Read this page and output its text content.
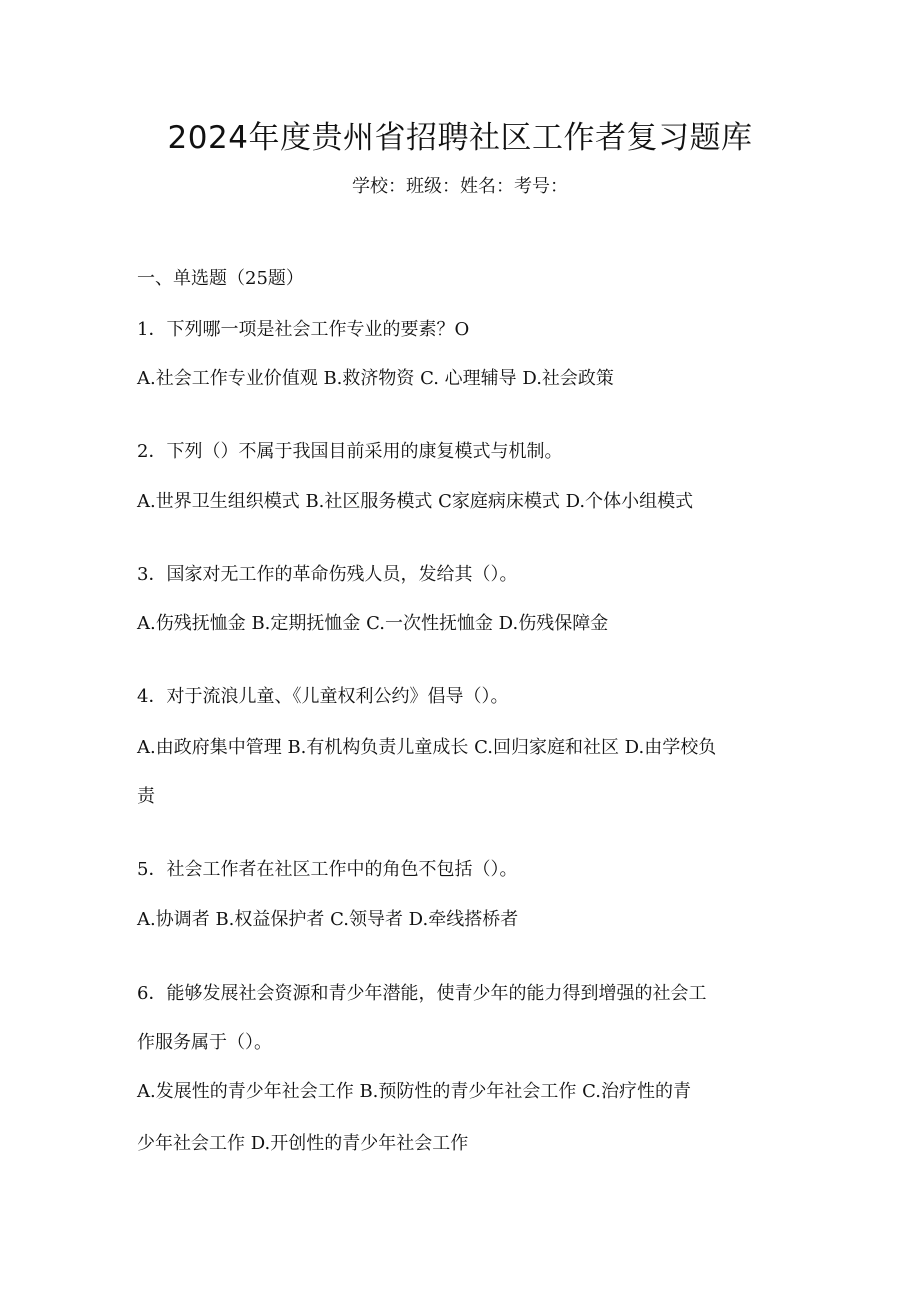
2024年度贵州省招聘社区工作者复习题库
学校：班级：姓名：考号：
一、单选题（25题）
1．下列哪一项是社会工作专业的要素？O
A.社会工作专业价值观 B.救济物资 C. 心理辅导 D.社会政策
2．下列（）不属于我国目前采用的康复模式与机制。
A.世界卫生组织模式 B.社区服务模式 C家庭病床模式 D.个体小组模式
3．国家对无工作的革命伤残人员，发给其（）。
A.伤残抚恤金 B.定期抚恤金 C.一次性抚恤金 D.伤残保障金
4．对于流浪儿童、《儿童权利公约》倡导（）。
A.由政府集中管理 B.有机构负责儿童成长 C.回归家庭和社区 D.由学校负
责
5．社会工作者在社区工作中的角色不包括（）。
A.协调者 B.权益保护者 C.领导者 D.牵线搭桥者
6．能够发展社会资源和青少年潜能，使青少年的能力得到增强的社会工
作服务属于（）。
A.发展性的青少年社会工作 B.预防性的青少年社会工作 C.治疗性的青
少年社会工作 D.开创性的青少年社会工作
